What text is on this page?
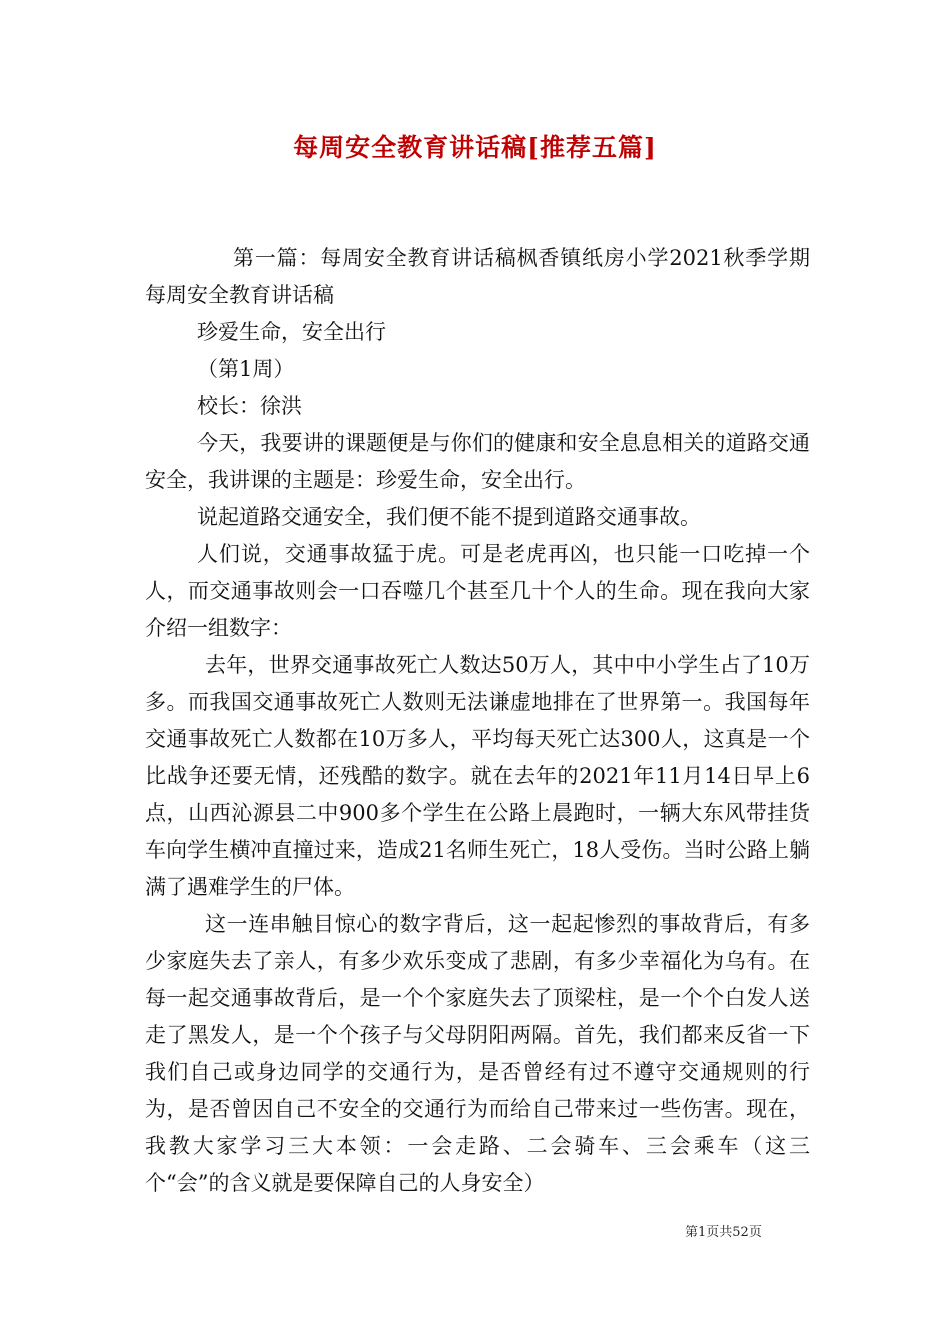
每周安全教育讲话稿[推荐五篇]

第一篇：每周安全教育讲话稿枫香镇纸房小学2021秋季学期每周安全教育讲话稿

珍爱生命，安全出行

（第1周）

校长：徐洪

今天，我要讲的课题便是与你们的健康和安全息息相关的道路交通安全，我讲课的主题是：珍爱生命，安全出行。

说起道路交通安全，我们便不能不提到道路交通事故。

人们说，交通事故猛于虎。可是老虎再凶，也只能一口吃掉一个人，而交通事故则会一口吞噬几个甚至几十个人的生命。现在我向大家介绍一组数字：

去年，世界交通事故死亡人数达50万人，其中中小学生占了10万多。而我国交通事故死亡人数则无法谦虚地排在了世界第一。我国每年交通事故死亡人数都在10万多人，平均每天死亡达300人，这真是一个比战争还要无情，还残酷的数字。就在去年的2021年11月14日早上6点，山西沁源县二中900多个学生在公路上晨跑时，一辆大东风带挂货车向学生横冲直撞过来，造成21名师生死亡，18人受伤。当时公路上躺满了遇难学生的尸体。

这一连串触目惊心的数字背后，这一起起惨烈的事故背后，有多少家庭失去了亲人，有多少欢乐变成了悲剧，有多少幸福化为乌有。在每一起交通事故背后，是一个个家庭失去了顶梁柱，是一个个白发人送走了黑发人，是一个个孩子与父母阴阳两隔。首先，我们都来反省一下我们自己或身边同学的交通行为，是否曾经有过不遵守交通规则的行为，是否曾因自己不安全的交通行为而给自己带来过一些伤害。现在，我教大家学习三大本领：一会走路、二会骑车、三会乘车（这三个“会”的含义就是要保障自己的人身安全）

第1页共52页
